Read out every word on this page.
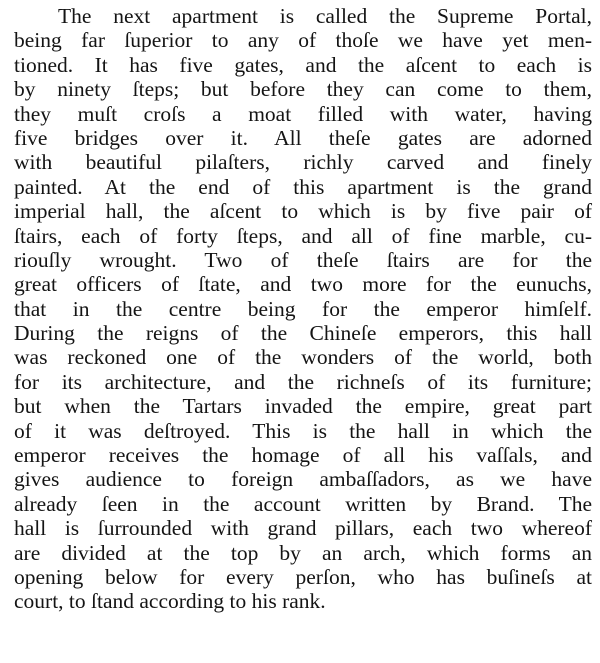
The next apartment is called the Supreme Portal,
being far ſuperior to any of thoſe we have yet men-
tioned. It has five gates, and the aſcent to each is
by ninety ſteps; but before they can come to them,
they muſt croſs a moat filled with water, having
five bridges over it. All theſe gates are adorned
with beautiful pilaſters, richly carved and finely
painted. At the end of this apartment is the grand
imperial hall, the aſcent to which is by five pair of
ſtairs, each of forty ſteps, and all of fine marble, cu-
riouſly wrought. Two of theſe ſtairs are for the
great officers of ſtate, and two more for the eunuchs,
that in the centre being for the emperor himſelf.
During the reigns of the Chineſe emperors, this hall
was reckoned one of the wonders of the world, both
for its architecture, and the richneſs of its furniture;
but when the Tartars invaded the empire, great part
of it was deſtroyed. This is the hall in which the
emperor receives the homage of all his vaſſals, and
gives audience to foreign ambaſſadors, as we have
already ſeen in the account written by Brand. The
hall is ſurrounded with grand pillars, each two whereof
are divided at the top by an arch, which forms an
opening below for every perſon, who has buſineſs at
court, to ſtand according to his rank.
